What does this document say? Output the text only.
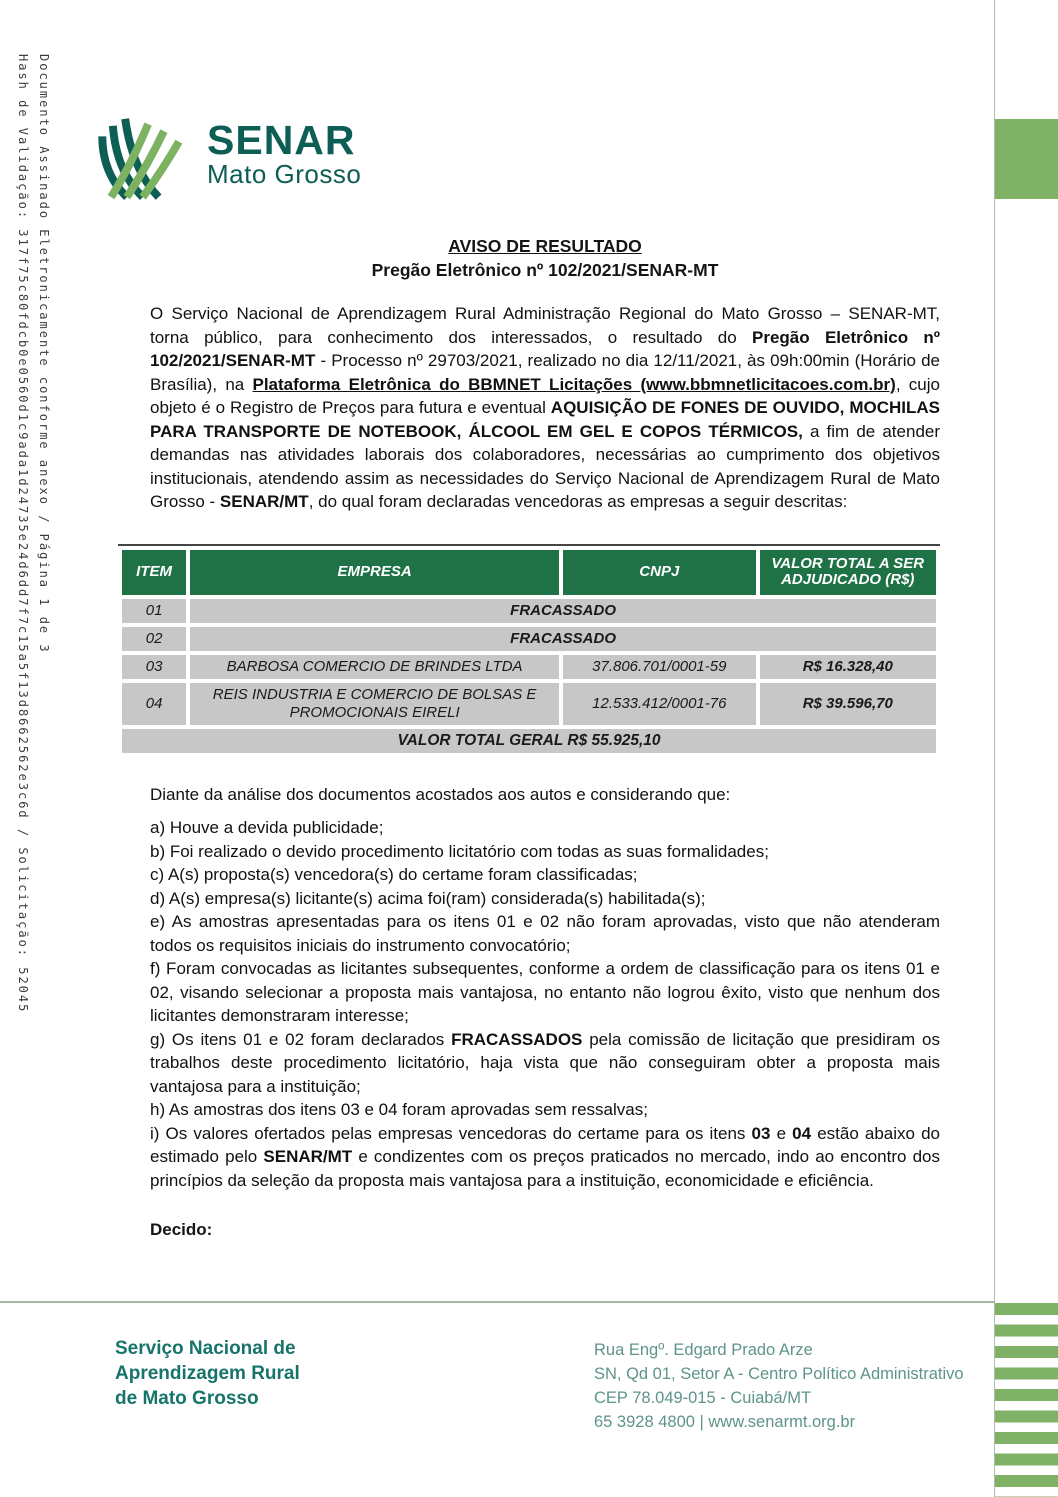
Documento Assinado Eletronicamente conforme anexo / Página 1 de 3
Hash de Validação: 317f75c80fdcb0e0560d1c9ada1d24735e24d6dd7f7c15a5f13d8662562e3c6d / Solicitação: 52045	SENAR
Mato Grosso
AVISO DE RESULTADO
Pregão Eletrônico nº 102/2021/SENAR-MT

O Serviço Nacional de Aprendizagem Rural Administração Regional do Mato Grosso – SENAR-MT, torna público, para conhecimento dos interessados, o resultado do Pregão Eletrônico nº 102/2021/SENAR-MT - Processo nº 29703/2021, realizado no dia 12/11/2021, às 09h:00min (Horário de Brasília), na Plataforma Eletrônica do BBMNET Licitações (www.bbmnetlicitacoes.com.br), cujo objeto é o Registro de Preços para futura e eventual AQUISIÇÃO DE FONES DE OUVIDO, MOCHILAS PARA TRANSPORTE DE NOTEBOOK, ÁLCOOL EM GEL E COPOS TÉRMICOS, a fim de atender demandas nas atividades laborais dos colaboradores, necessárias ao cumprimento dos objetivos institucionais, atendendo assim as necessidades do Serviço Nacional de Aprendizagem Rural de Mato Grosso - SENAR/MT, do qual foram declaradas vencedoras as empresas a seguir descritas:

ITEM	EMPRESA	CNPJ	VALOR TOTAL A SER ADJUDICADO (R$)
01	FRACASSADO		
02	FRACASSADO		
03	BARBOSA COMERCIO DE BRINDES LTDA	37.806.701/0001-59	R$ 16.328,40
04	REIS INDUSTRIA E COMERCIO DE BOLSAS E PROMOCIONAIS EIRELI	12.533.412/0001-76	R$ 39.596,70
VALOR TOTAL GERAL R$ 55.925,10			

Diante da análise dos documentos acostados aos autos e considerando que:

a) Houve a devida publicidade;

b) Foi realizado o devido procedimento licitatório com todas as suas formalidades;

c) A(s) proposta(s) vencedora(s) do certame foram classificadas;

d) A(s) empresa(s) licitante(s) acima foi(ram) considerada(s) habilitada(s);

e) As amostras apresentadas para os itens 01 e 02 não foram aprovadas, visto que não atenderam todos os requisitos iniciais do instrumento convocatório;

f) Foram convocadas as licitantes subsequentes, conforme a ordem de classificação para os itens 01 e 02, visando selecionar a proposta mais vantajosa, no entanto não logrou êxito, visto que nenhum dos licitantes demonstraram interesse;

g) Os itens 01 e 02 foram declarados FRACASSADOS pela comissão de licitação que presidiram os trabalhos deste procedimento licitatório, haja vista que não conseguiram obter a proposta mais vantajosa para a instituição;

h) As amostras dos itens 03 e 04 foram aprovadas sem ressalvas;

i) Os valores ofertados pelas empresas vencedoras do certame para os itens 03 e 04 estão abaixo do estimado pelo SENAR/MT e condizentes com os preços praticados no mercado, indo ao encontro dos princípios da seleção da proposta mais vantajosa para a instituição, economicidade e eficiência.

Decido:

Serviço Nacional de
Aprendizagem Rural
de Mato Grosso
Rua Engº. Edgard Prado Arze
SN, Qd 01, Setor A - Centro Político Administrativo
CEP 78.049-015 - Cuiabá/MT
65 3928 4800 | www.senarmt.org.br
